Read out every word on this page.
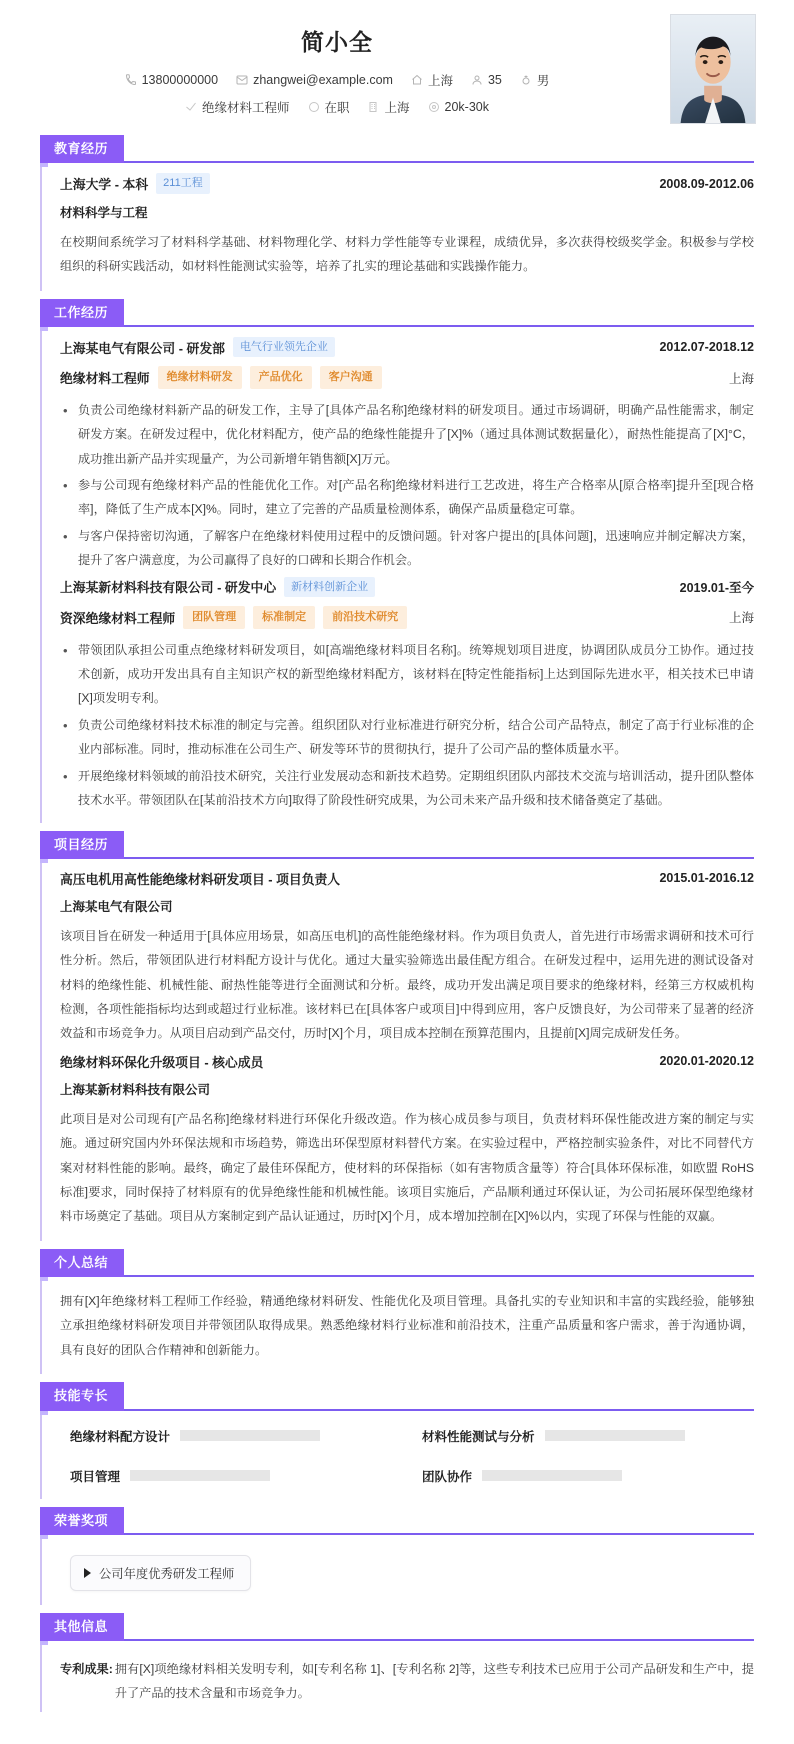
简小全
13800000000	zhangwei@example.com	上海	35	男
绝缘材料工程师	在职	上海	20k-30k
教育经历
上海大学 - 本科	211工程	2008.09-2012.06
材料科学与工程
在校期间系统学习了材料科学基础、材料物理化学、材料力学性能等专业课程，成绩优异，多次获得校级奖学金。积极参与学校组织的科研实践活动，如材料性能测试实验等，培养了扎实的理论基础和实践操作能力。
工作经历
上海某电气有限公司 - 研发部	电气行业领先企业	2012.07-2018.12
绝缘材料工程师	绝缘材料研发	产品优化	客户沟通	上海
• 负责公司绝缘材料新产品的研发工作，主导了[具体产品名称]绝缘材料的研发项目。通过市场调研，明确产品性能需求，制定研发方案。在研发过程中，优化材料配方，使产品的绝缘性能提升了[X]%（通过具体测试数据量化），耐热性能提高了[X]°C，成功推出新产品并实现量产，为公司新增年销售额[X]万元。
• 参与公司现有绝缘材料产品的性能优化工作。对[产品名称]绝缘材料进行工艺改进，将生产合格率从[原合格率]提升至[现合格率]，降低了生产成本[X]%。同时，建立了完善的产品质量检测体系，确保产品质量稳定可靠。
• 与客户保持密切沟通，了解客户在绝缘材料使用过程中的反馈问题。针对客户提出的[具体问题]，迅速响应并制定解决方案，提升了客户满意度，为公司赢得了良好的口碑和长期合作机会。
上海某新材料科技有限公司 - 研发中心	新材料创新企业	2019.01-至今
资深绝缘材料工程师	团队管理	标准制定	前沿技术研究	上海
• 带领团队承担公司重点绝缘材料研发项目，如[高端绝缘材料项目名称]。统筹规划项目进度，协调团队成员分工协作。通过技术创新，成功开发出具有自主知识产权的新型绝缘材料配方，该材料在[特定性能指标]上达到国际先进水平，相关技术已申请[X]项发明专利。
• 负责公司绝缘材料技术标准的制定与完善。组织团队对行业标准进行研究分析，结合公司产品特点，制定了高于行业标准的企业内部标准。同时，推动标准在公司生产、研发等环节的贯彻执行，提升了公司产品的整体质量水平。
• 开展绝缘材料领域的前沿技术研究，关注行业发展动态和新技术趋势。定期组织团队内部技术交流与培训活动，提升团队整体技术水平。带领团队在[某前沿技术方向]取得了阶段性研究成果，为公司未来产品升级和技术储备奠定了基础。
项目经历
高压电机用高性能绝缘材料研发项目 - 项目负责人	2015.01-2016.12
上海某电气有限公司
该项目旨在研发一种适用于[具体应用场景，如高压电机]的高性能绝缘材料。作为项目负责人，首先进行市场需求调研和技术可行性分析。然后，带领团队进行材料配方设计与优化。通过大量实验筛选出最佳配方组合。在研发过程中，运用先进的测试设备对材料的绝缘性能、机械性能、耐热性能等进行全面测试和分析。最终，成功开发出满足项目要求的绝缘材料，经第三方权威机构检测，各项性能指标均达到或超过行业标准。该材料已在[具体客户或项目]中得到应用，客户反馈良好，为公司带来了显著的经济效益和市场竞争力。从项目启动到产品交付，历时[X]个月，项目成本控制在预算范围内，且提前[X]周完成研发任务。
绝缘材料环保化升级项目 - 核心成员	2020.01-2020.12
上海某新材料科技有限公司
此项目是对公司现有[产品名称]绝缘材料进行环保化升级改造。作为核心成员参与项目，负责材料环保性能改进方案的制定与实施。通过研究国内外环保法规和市场趋势，筛选出环保型原材料替代方案。在实验过程中，严格控制实验条件，对比不同替代方案对材料性能的影响。最终，确定了最佳环保配方，使材料的环保指标（如有害物质含量等）符合[具体环保标准，如欧盟 RoHS 标准]要求，同时保持了材料原有的优异绝缘性能和机械性能。该项目实施后，产品顺利通过环保认证，为公司拓展环保型绝缘材料市场奠定了基础。项目从方案制定到产品认证通过，历时[X]个月，成本增加控制在[X]%以内，实现了环保与性能的双赢。
个人总结
拥有[X]年绝缘材料工程师工作经验，精通绝缘材料研发、性能优化及项目管理。具备扎实的专业知识和丰富的实践经验，能够独立承担绝缘材料研发项目并带领团队取得成果。熟悉绝缘材料行业标准和前沿技术，注重产品质量和客户需求，善于沟通协调，具有良好的团队合作精神和创新能力。
技能专长
绝缘材料配方设计	材料性能测试与分析
项目管理	团队协作
荣誉奖项
公司年度优秀研发工程师
其他信息
专利成果: 拥有[X]项绝缘材料相关发明专利，如[专利名称 1]、[专利名称 2]等，这些专利技术已应用于公司产品研发和生产中，提升了产品的技术含量和市场竞争力。
